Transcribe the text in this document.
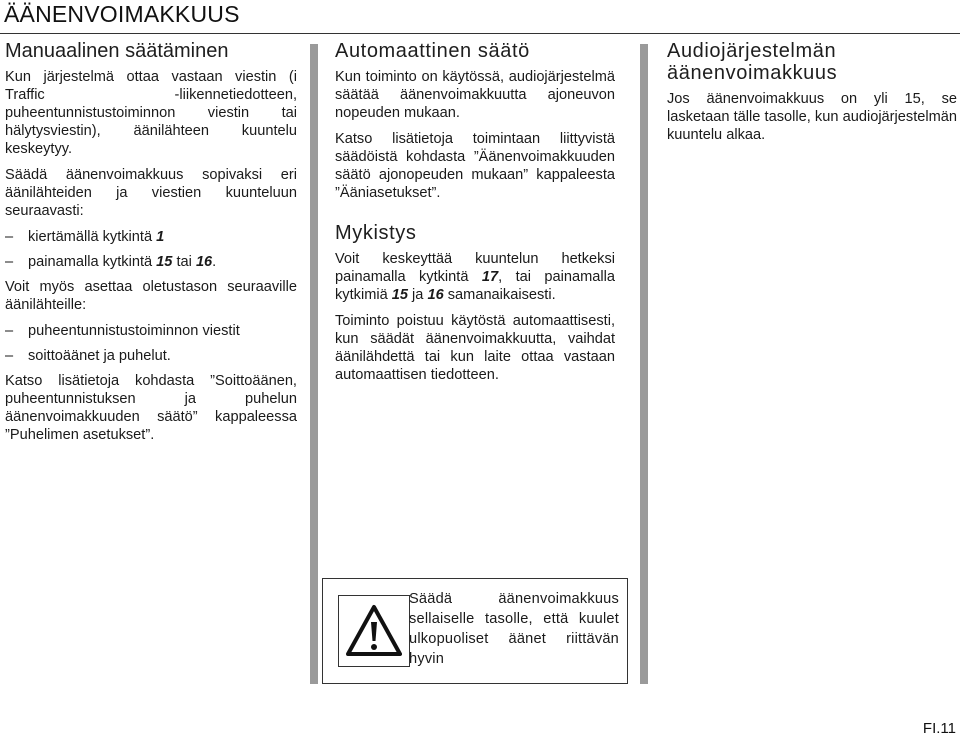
ÄÄNENVOIMAKKUUS
Manuaalinen säätäminen

Kun järjestelmä ottaa vastaan viestin (i Traffic -liikennetiedotteen, puheentunnistustoiminnon viestin tai hälytysviestin), äänilähteen kuuntelu keskeytyy.

Säädä äänenvoimakkuus sopivaksi eri äänilähteiden ja viestien kuunteluun seuraavasti:

– kiertämällä kytkintä 1
– painamalla kytkintä 15 tai 16.

Voit myös asettaa oletustason seuraaville äänilähteille:

– puheentunnistustoiminnon viestit
– soittoäänet ja puhelut.

Katso lisätietoja kohdasta ”Soittoäänen, puheentunnistuksen ja puhelun äänenvoimakkuuden säätö” kappaleessa ”Puhelimen asetukset”.

Automaattinen säätö

Kun toiminto on käytössä, audiojärjestelmä säätää äänenvoimakkuutta ajoneuvon nopeuden mukaan.

Katso lisätietoja toimintaan liittyvistä säädöistä kohdasta ”Äänenvoimakkuuden säätö ajonopeuden mukaan” kappaleesta ”Ääniasetukset”.

Mykistys

Voit keskeyttää kuuntelun hetkeksi painamalla kytkintä 17, tai painamalla kytkimiä 15 ja 16 samanaikaisesti.

Toiminto poistuu käytöstä automaattisesti, kun säädät äänenvoimakkuutta, vaihdat äänilähdettä tai kun laite ottaa vastaan automaattisen tiedotteen.

Audiojärjestelmän äänenvoimakkuus

Jos äänenvoimakkuus on yli 15, se lasketaan tälle tasolle, kun audiojärjestelmän kuuntelu alkaa.

Säädä äänenvoimakkuus sellaiselle tasolle, että kuulet ulkopuoliset äänet riittävän hyvin
FI.11
